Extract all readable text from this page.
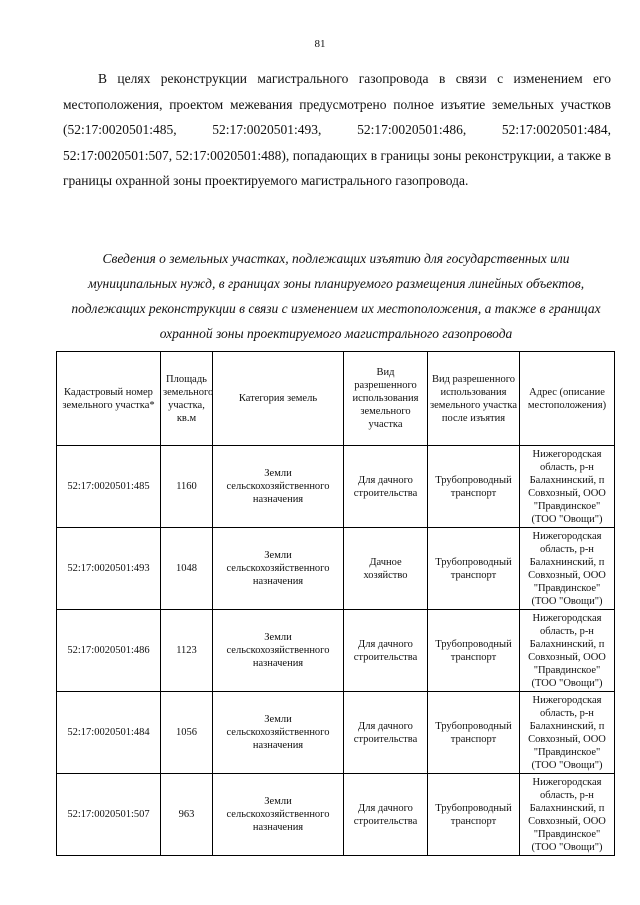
81

В целях реконструкции магистрального газопровода в связи с изменением его местоположения, проектом межевания предусмотрено полное изъятие земельных участков (52:17:0020501:485, 52:17:0020501:493, 52:17:0020501:486, 52:17:0020501:484, 52:17:0020501:507, 52:17:0020501:488), попадающих в границы зоны реконструкции, а также в границы охранной зоны проектируемого магистрального газопровода.

Сведения о земельных участках, подлежащих изъятию для государственных или муниципальных нужд, в границах зоны планируемого размещения линейных объектов, подлежащих реконструкции в связи с изменением их местоположения, а также в границах охранной зоны проектируемого магистрального газопровода

Кадастровый номер земельного участка*	Площадь земельного участка, кв.м	Категория земель	Вид разрешенного использования земельного участка	Вид разрешенного использования земельного участка после изъятия	Адрес (описание местоположения)
52:17:0020501:485	1160	Земли сельскохозяйственного назначения	Для дачного строительства	Трубопроводный транспорт	Нижегородская область, р-н Балахнинский, п Совхозный, ООО "Правдинское" (ТОО "Овощи")
52:17:0020501:493	1048	Земли сельскохозяйственного назначения	Дачное хозяйство	Трубопроводный транспорт	Нижегородская область, р-н Балахнинский, п Совхозный, ООО "Правдинское" (ТОО "Овощи")
52:17:0020501:486	1123	Земли сельскохозяйственного назначения	Для дачного строительства	Трубопроводный транспорт	Нижегородская область, р-н Балахнинский, п Совхозный, ООО "Правдинское" (ТОО "Овощи")
52:17:0020501:484	1056	Земли сельскохозяйственного назначения	Для дачного строительства	Трубопроводный транспорт	Нижегородская область, р-н Балахнинский, п Совхозный, ООО "Правдинское" (ТОО "Овощи")
52:17:0020501:507	963	Земли сельскохозяйственного назначения	Для дачного строительства	Трубопроводный транспорт	Нижегородская область, р-н Балахнинский, п Совхозный, ООО "Правдинское" (ТОО "Овощи")
